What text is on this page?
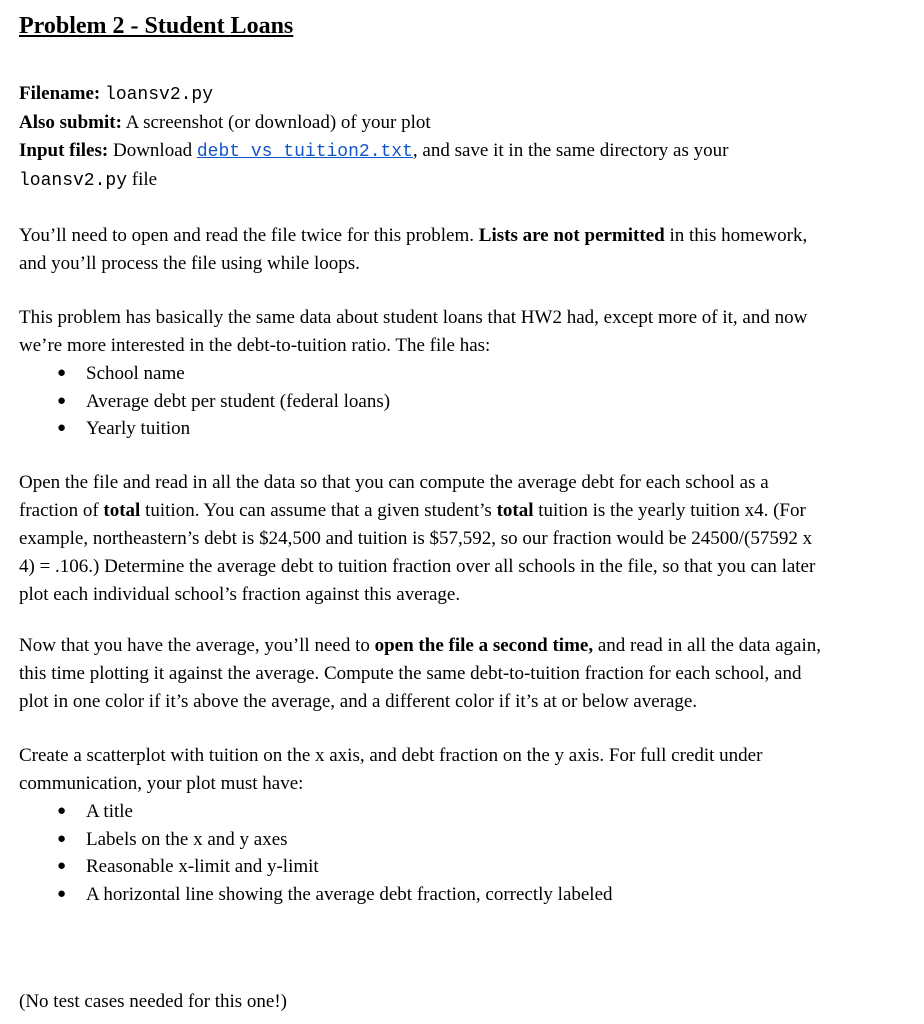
Problem 2 - Student Loans
Filename: loansv2.py
Also submit: A screenshot (or download) of your plot
Input files: Download debt_vs_tuition2.txt, and save it in the same directory as your
loansv2.py file
You’ll need to open and read the file twice for this problem. Lists are not permitted in this homework,
and you’ll process the file using while loops.
This problem has basically the same data about student loans that HW2 had, except more of it, and now
we’re more interested in the debt-to-tuition ratio. The file has:
● School name
● Average debt per student (federal loans)
● Yearly tuition
Open the file and read in all the data so that you can compute the average debt for each school as a
fraction of total tuition. You can assume that a given student’s total tuition is the yearly tuition x4. (For
example, northeastern’s debt is $24,500 and tuition is $57,592, so our fraction would be 24500/(57592 x
4) = .106.) Determine the average debt to tuition fraction over all schools in the file, so that you can later
plot each individual school’s fraction against this average.
Now that you have the average, you’ll need to open the file a second time, and read in all the data again,
this time plotting it against the average. Compute the same debt-to-tuition fraction for each school, and
plot in one color if it’s above the average, and a different color if it’s at or below average.
Create a scatterplot with tuition on the x axis, and debt fraction on the y axis. For full credit under
communication, your plot must have:
● A title
● Labels on the x and y axes
● Reasonable x-limit and y-limit
● A horizontal line showing the average debt fraction, correctly labeled
(No test cases needed for this one!)
